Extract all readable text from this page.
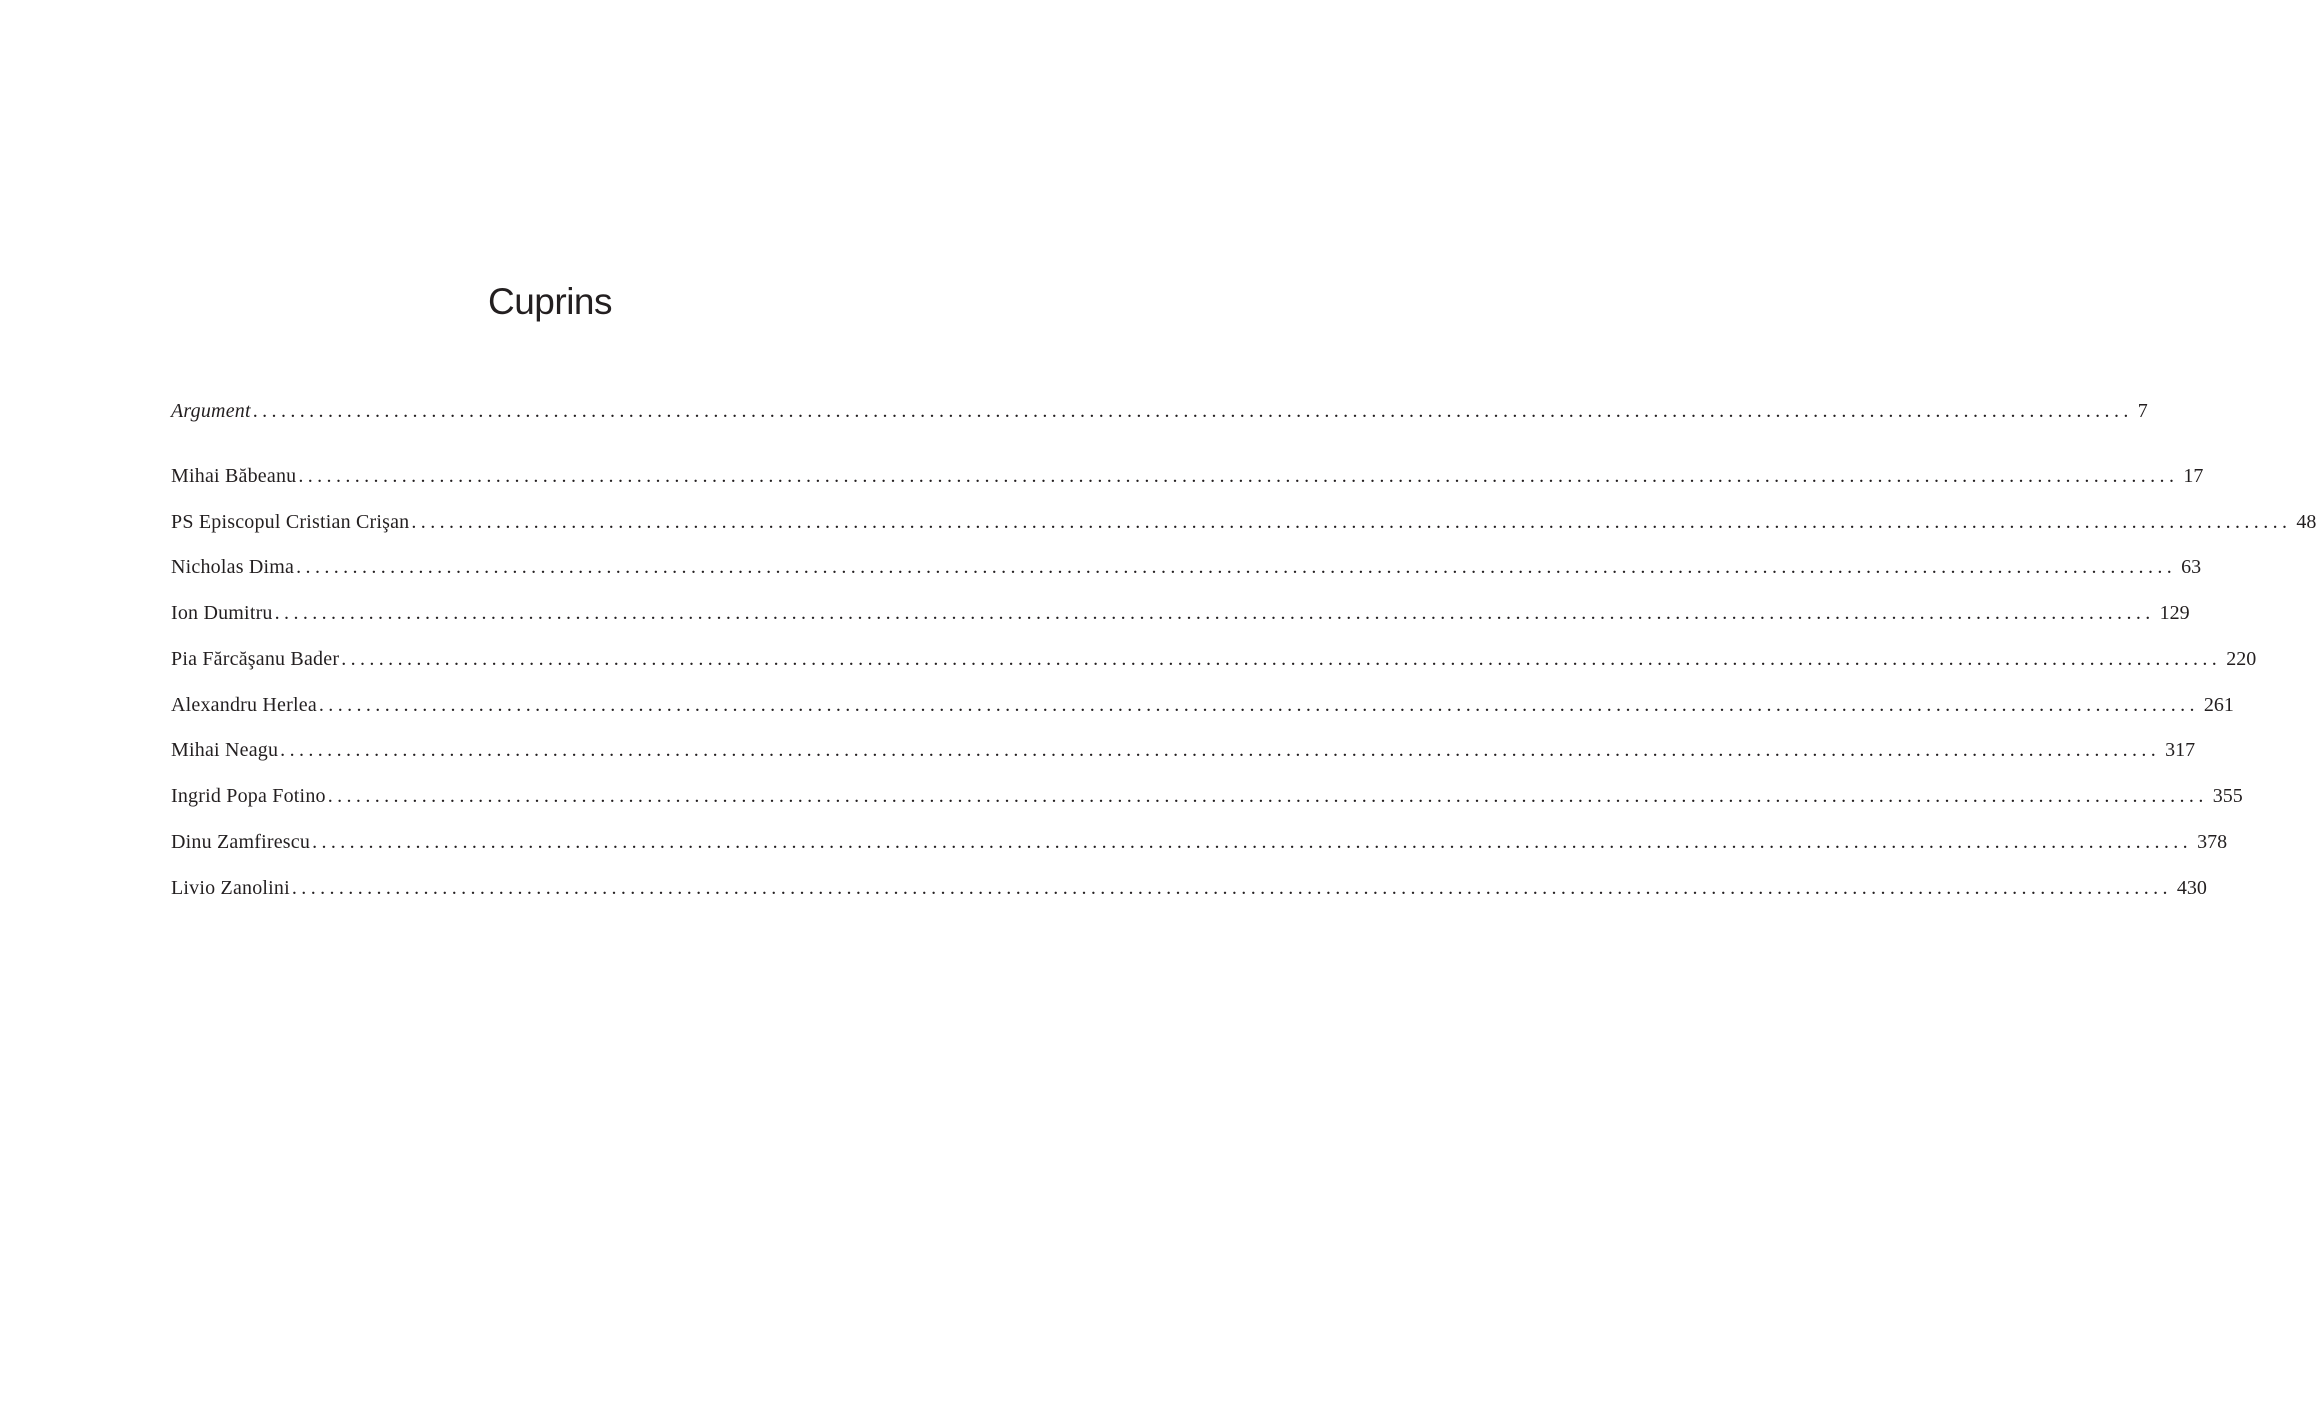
Cuprins
Argument ........................................................................................................................................................................................................ 7
Mihai Băbeanu ........................................................................................................................................................................................................ 17
PS Episcopul Cristian Crişan ........................................................................................................................................................................................................ 48
Nicholas Dima ........................................................................................................................................................................................................ 63
Ion Dumitru ........................................................................................................................................................................................................ 129
Pia Fărcăşanu Bader ........................................................................................................................................................................................................ 220
Alexandru Herlea ........................................................................................................................................................................................................ 261
Mihai Neagu ........................................................................................................................................................................................................ 317
Ingrid Popa Fotino ........................................................................................................................................................................................................ 355
Dinu Zamfirescu ........................................................................................................................................................................................................ 378
Livio Zanolini ........................................................................................................................................................................................................ 430
